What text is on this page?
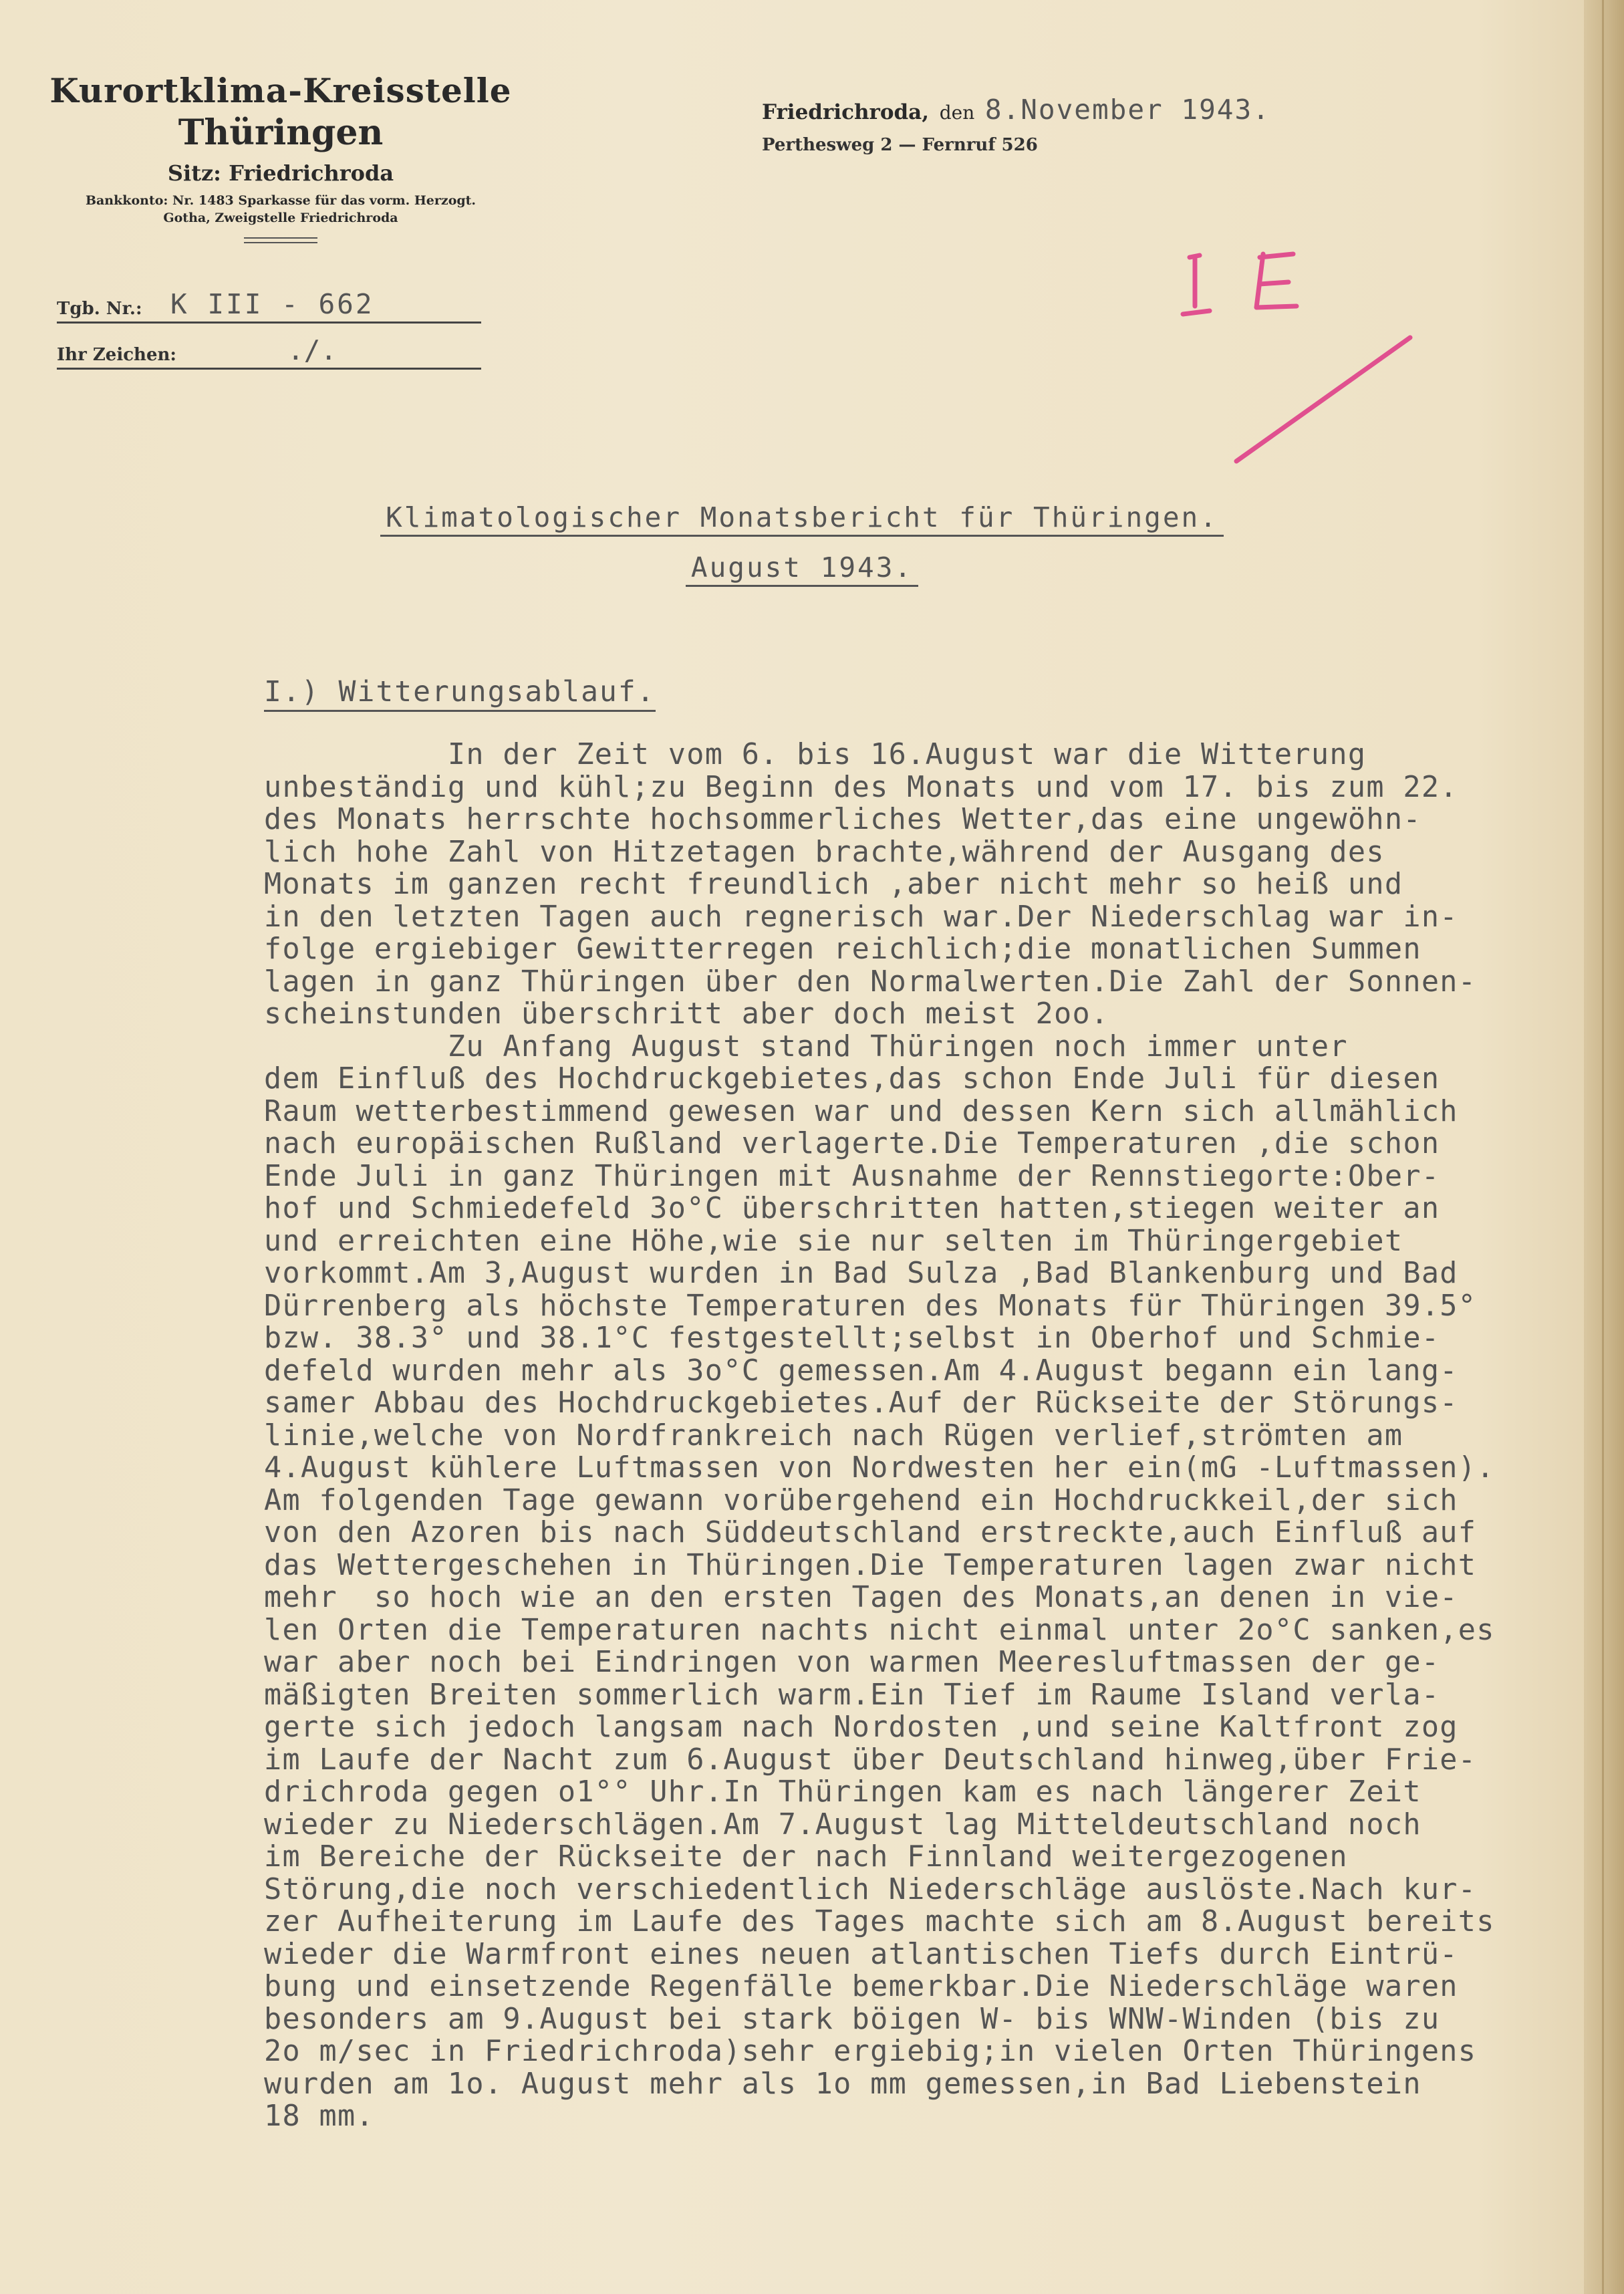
Kurortklima-Kreisstelle
Thüringen
Sitz: Friedrichroda
Bankkonto: Nr. 1483 Sparkasse für das vorm. Herzogt.
Gotha, Zweigstelle Friedrichroda
Tgb. Nr.: K III - 662
Ihr Zeichen:	./.
Friedrichroda, den 8.November 1943.
Perthesweg 2 — Fernruf 526
Klimatologischer Monatsbericht für Thüringen.
August 1943.
I.) Witterungsablauf.
In der Zeit vom 6. bis 16.August war die Witterung
unbeständig und kühl;zu Beginn des Monats und vom 17. bis zum 22.
des Monats herrschte hochsommerliches Wetter,das eine ungewöhn-
lich hohe Zahl von Hitzetagen brachte,während der Ausgang des
Monats im ganzen recht freundlich ,aber nicht mehr so heiß und
in den letzten Tagen auch regnerisch war.Der Niederschlag war in-
folge ergiebiger Gewitterregen reichlich;die monatlichen Summen
lagen in ganz Thüringen über den Normalwerten.Die Zahl der Sonnen-
scheinstunden überschritt aber doch meist 2oo.
Zu Anfang August stand Thüringen noch immer unter
dem Einfluß des Hochdruckgebietes,das schon Ende Juli für diesen
Raum wetterbestimmend gewesen war und dessen Kern sich allmählich
nach europäischen Rußland verlagerte.Die Temperaturen ,die schon
Ende Juli in ganz Thüringen mit Ausnahme der Rennstiegorte:Ober-
hof und Schmiedefeld 3o°C überschritten hatten,stiegen weiter an
und erreichten eine Höhe,wie sie nur selten im Thüringergebiet
vorkommt.Am 3,August wurden in Bad Sulza ,Bad Blankenburg und Bad
Dürrenberg als höchste Temperaturen des Monats für Thüringen 39.5°
bzw. 38.3° und 38.1°C festgestellt;selbst in Oberhof und Schmie-
defeld wurden mehr als 3o°C gemessen.Am 4.August begann ein lang-
samer Abbau des Hochdruckgebietes.Auf der Rückseite der Störungs-
linie,welche von Nordfrankreich nach Rügen verlief,strömten am
4.August kühlere Luftmassen von Nordwesten her ein(mG -Luftmassen).
Am folgenden Tage gewann vorübergehend ein Hochdruckkeil,der sich
von den Azoren bis nach Süddeutschland erstreckte,auch Einfluß auf
das Wettergeschehen in Thüringen.Die Temperaturen lagen zwar nicht
mehr  so hoch wie an den ersten Tagen des Monats,an denen in vie-
len Orten die Temperaturen nachts nicht einmal unter 2o°C sanken,es
war aber noch bei Eindringen von warmen Meeresluftmassen der ge-
mäßigten Breiten sommerlich warm.Ein Tief im Raume Island verla-
gerte sich jedoch langsam nach Nordosten ,und seine Kaltfront zog
im Laufe der Nacht zum 6.August über Deutschland hinweg,über Frie-
drichroda gegen o1°° Uhr.In Thüringen kam es nach längerer Zeit
wieder zu Niederschlägen.Am 7.August lag Mitteldeutschland noch
im Bereiche der Rückseite der nach Finnland weitergezogenen
Störung,die noch verschiedentlich Niederschläge auslöste.Nach kur-
zer Aufheiterung im Laufe des Tages machte sich am 8.August bereits
wieder die Warmfront eines neuen atlantischen Tiefs durch Eintrü-
bung und einsetzende Regenfälle bemerkbar.Die Niederschläge waren
besonders am 9.August bei stark böigen W- bis WNW-Winden (bis zu
2o m/sec in Friedrichroda)sehr ergiebig;in vielen Orten Thüringens
wurden am 1o. August mehr als 1o mm gemessen,in Bad Liebenstein
18 mm.
